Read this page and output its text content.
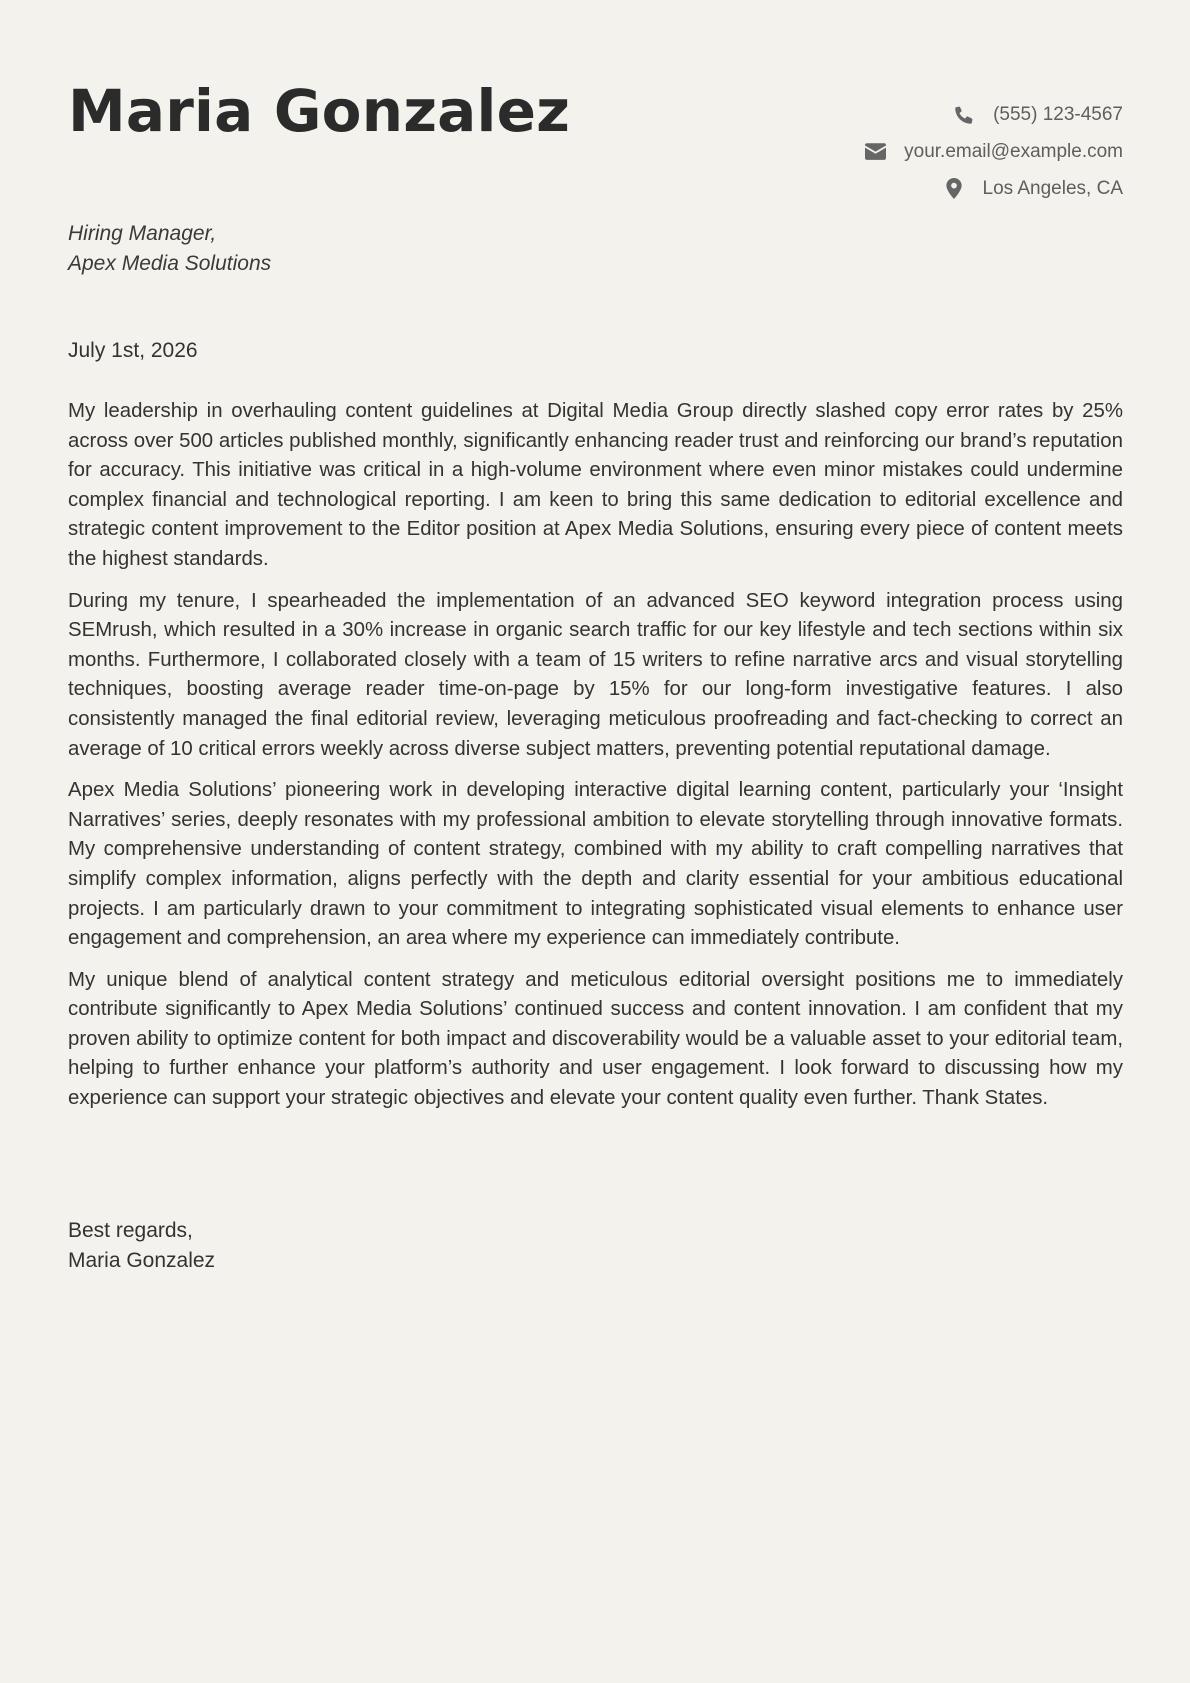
Maria Gonzalez	(555) 123-4567
your.email@example.com
Los Angeles, CA
Hiring Manager,
Apex Media Solutions
July 1st, 2026

My leadership in overhauling content guidelines at Digital Media Group directly slashed copy error rates by 25% across over 500 articles published monthly, significantly enhancing reader trust and reinforcing our brand’s reputation for accuracy. This initiative was critical in a high-volume environment where even minor mistakes could undermine complex financial and technological reporting. I am keen to bring this same dedication to editorial excellence and strategic content improvement to the Editor position at Apex Media Solutions, ensuring every piece of content meets the highest standards.

During my tenure, I spearheaded the implementation of an advanced SEO keyword integration process using SEMrush, which resulted in a 30% increase in organic search traffic for our key lifestyle and tech sections within six months. Furthermore, I collaborated closely with a team of 15 writers to refine narrative arcs and visual storytelling techniques, boosting average reader time-on-page by 15% for our long-form investigative features. I also consistently managed the final editorial review, leveraging meticulous proofreading and fact-checking to correct an average of 10 critical errors weekly across diverse subject matters, preventing potential reputational damage.

Apex Media Solutions’ pioneering work in developing interactive digital learning content, particularly your ‘Insight Narratives’ series, deeply resonates with my professional ambition to elevate storytelling through innovative formats. My comprehensive understanding of content strategy, combined with my ability to craft compelling narratives that simplify complex information, aligns perfectly with the depth and clarity essential for your ambitious educational projects. I am particularly drawn to your commitment to integrating sophisticated visual elements to enhance user engagement and comprehension, an area where my experience can immediately contribute.

My unique blend of analytical content strategy and meticulous editorial oversight positions me to immediately contribute significantly to Apex Media Solutions’ continued success and content innovation. I am confident that my proven ability to optimize content for both impact and discoverability would be a valuable asset to your editorial team, helping to further enhance your platform’s authority and user engagement. I look forward to discussing how my experience can support your strategic objectives and elevate your content quality even further. Thank States.

Best regards,
Maria Gonzalez
